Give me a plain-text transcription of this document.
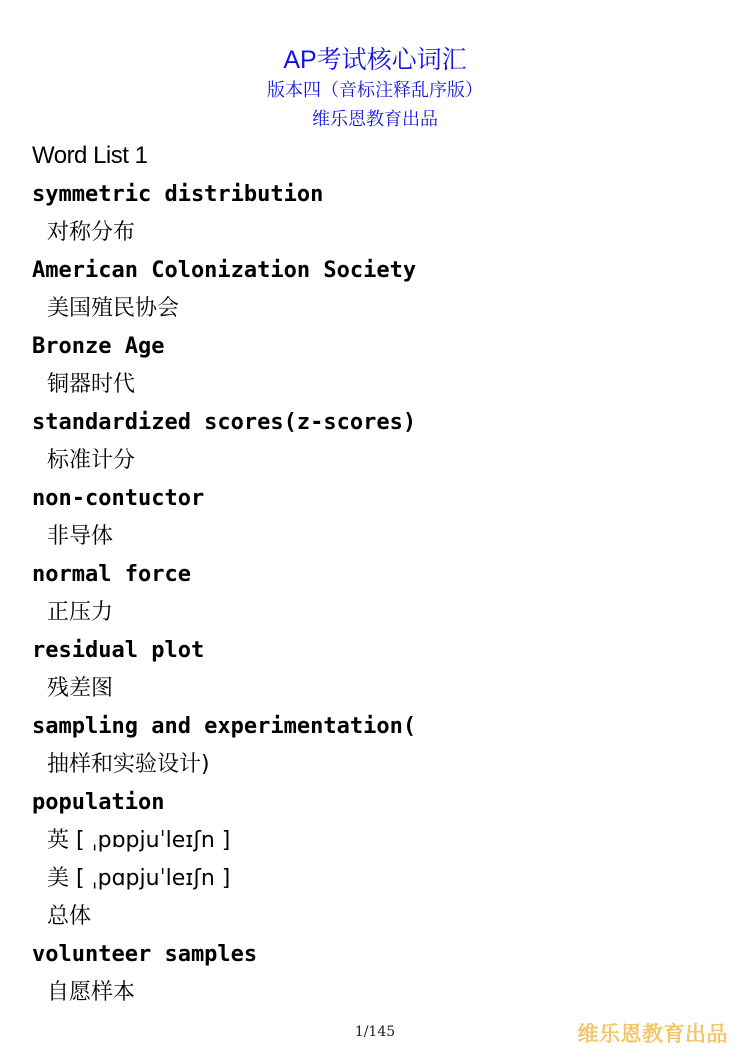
AP考试核心词汇
版本四（音标注释乱序版）
维乐恩教育出品
Word List 1
symmetric distribution
对称分布
American Colonization Society
美国殖民协会
Bronze Age
铜器时代
standardized scores(z-scores)
标准计分
non-contuctor
非导体
normal force
正压力
residual plot
残差图
sampling and experimentation(
抽样和实验设计)
population
英 [ ˌpɒpjuˈleɪʃn ]
美 [ ˌpɑpjuˈleɪʃn ]
总体
volunteer samples
自愿样本
1/145	维乐恩教育出品
